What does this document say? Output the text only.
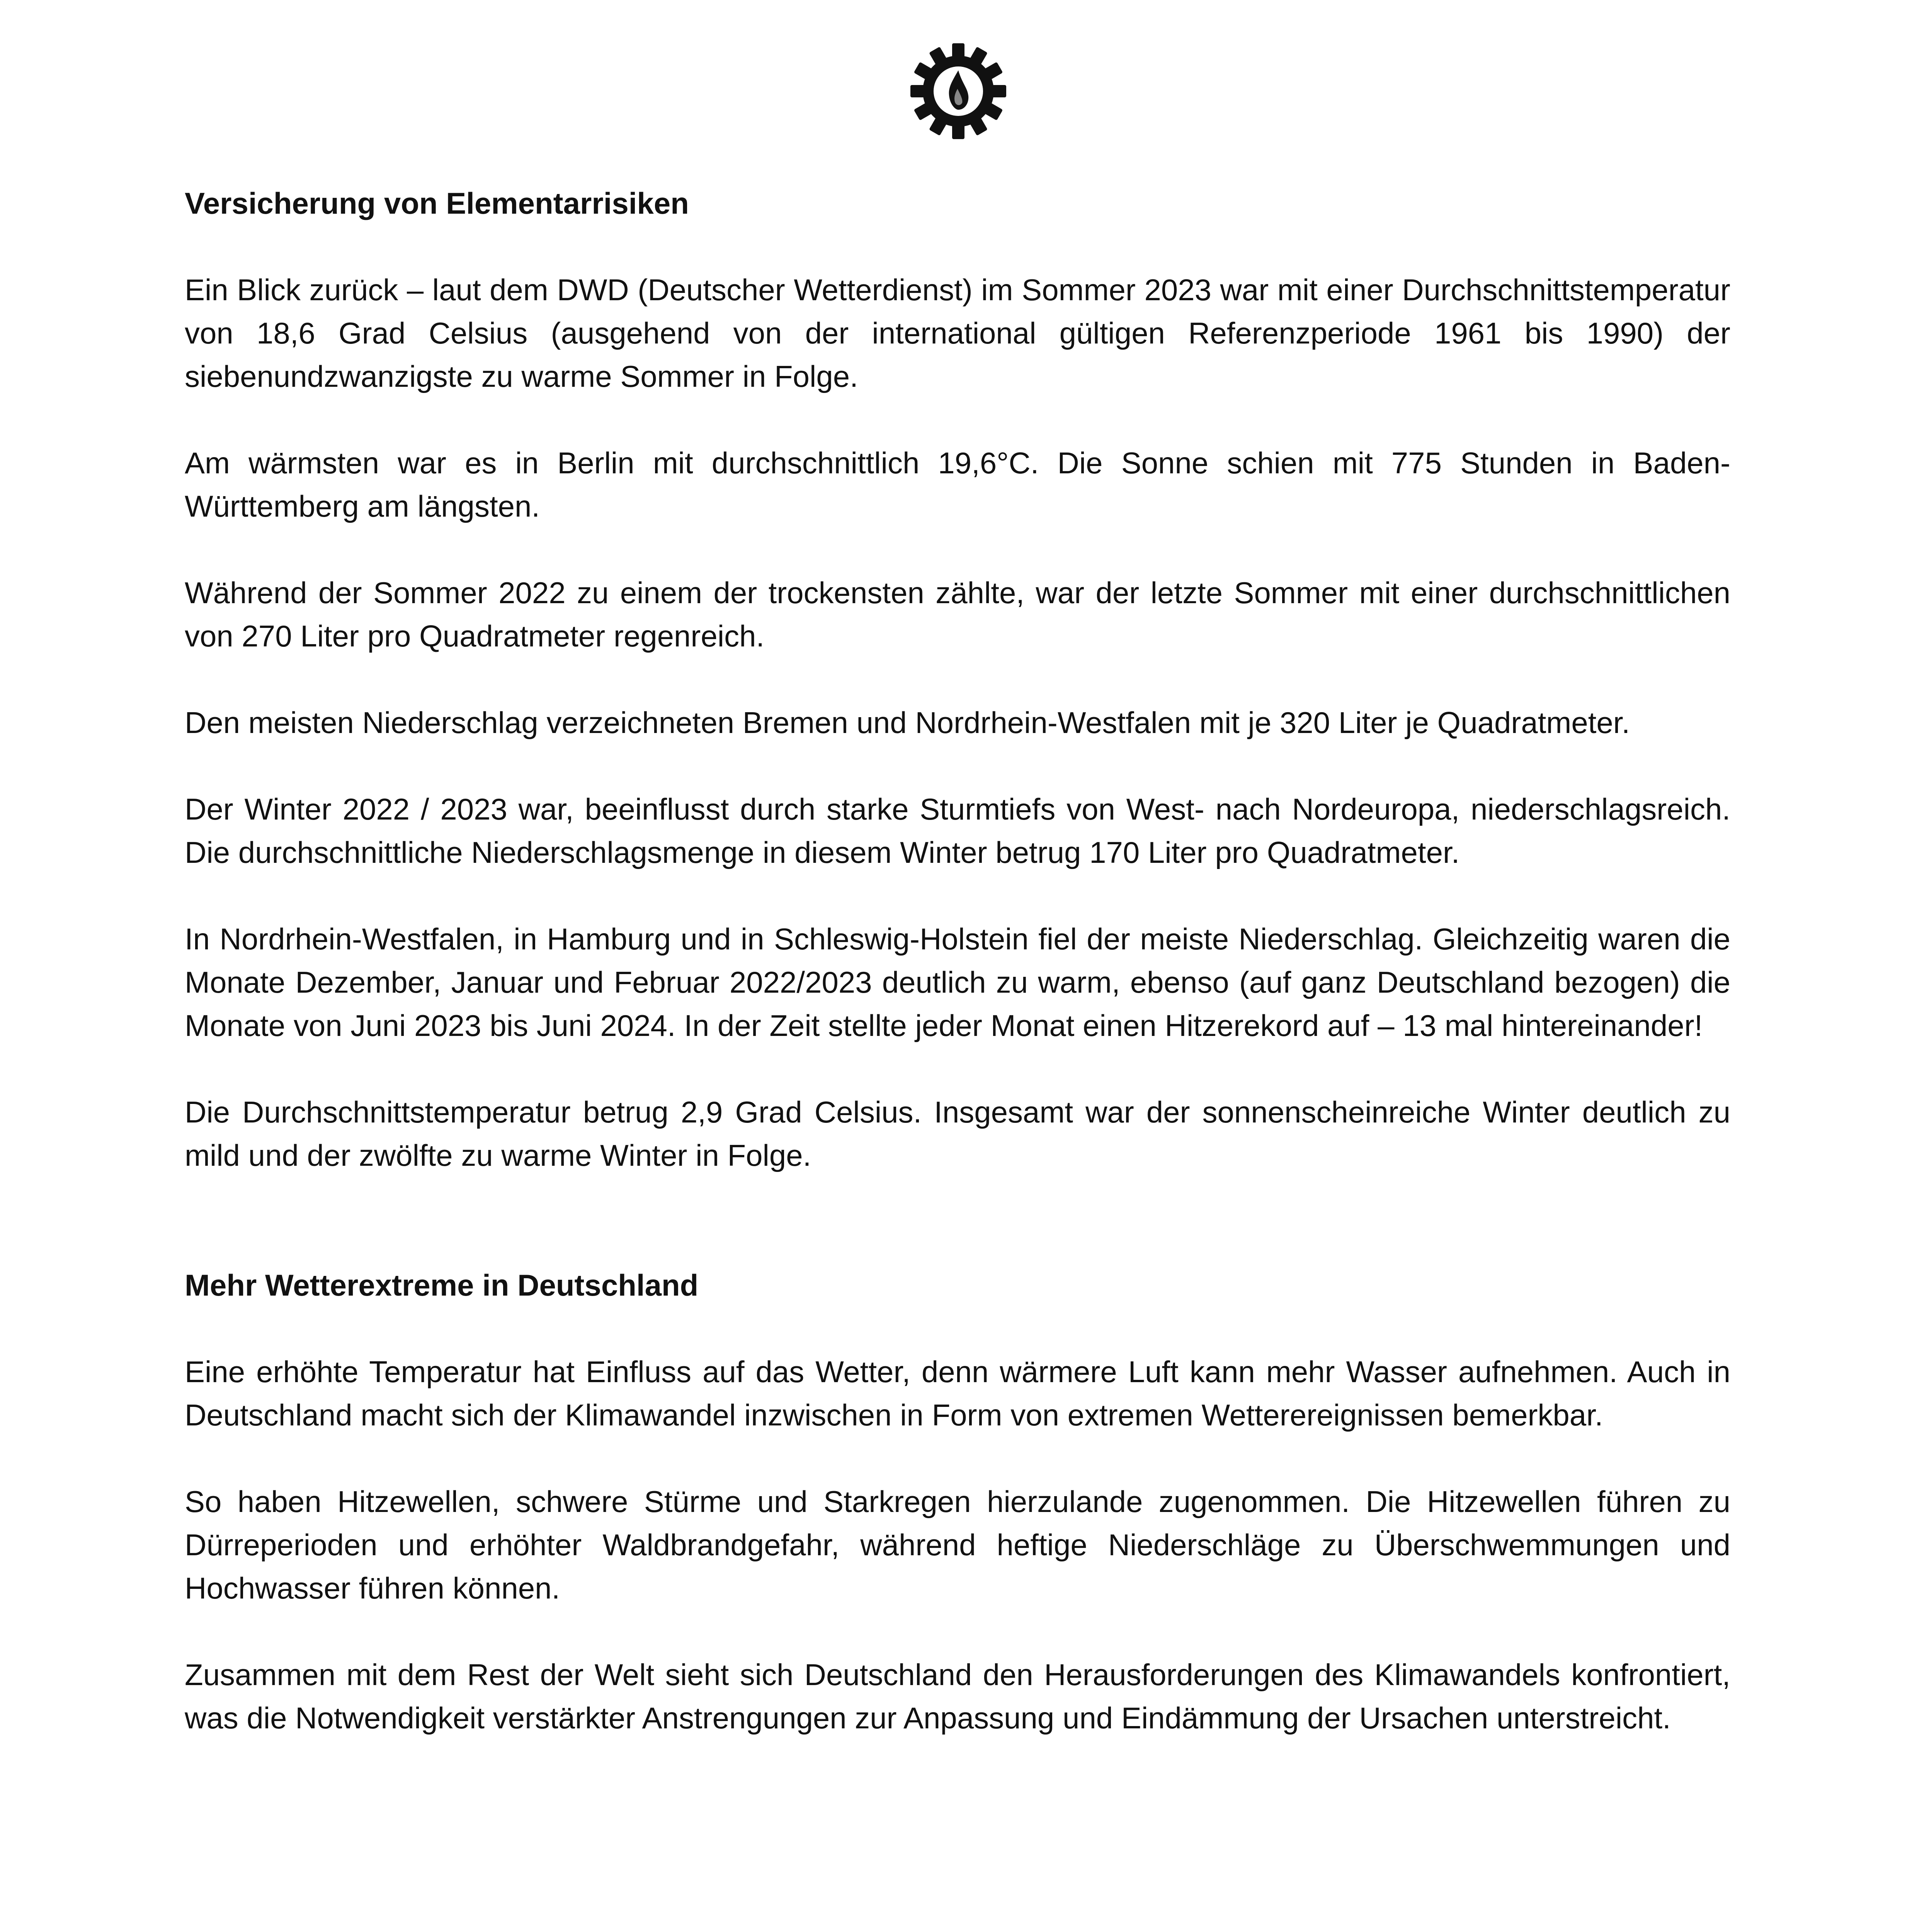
Versicherung von Elementarrisiken

Ein Blick zurück – laut dem DWD (Deutscher Wetterdienst) im Sommer 2023 war mit einer Durchschnittstemperatur von 18,6 Grad Celsius (ausgehend von der international gültigen Referenzperiode 1961 bis 1990) der siebenundzwanzigste zu warme Sommer in Folge.

Am wärmsten war es in Berlin mit durchschnittlich 19,6°C. Die Sonne schien mit 775 Stunden in Baden-Württemberg am längsten.

Während der Sommer 2022 zu einem der trockensten zählte, war der letzte Sommer mit einer durchschnittlichen von 270 Liter pro Quadratmeter regenreich.

Den meisten Niederschlag verzeichneten Bremen und Nordrhein-Westfalen mit je 320 Liter je Quadratmeter.

Der Winter 2022 / 2023 war, beeinflusst durch starke Sturmtiefs von West- nach Nordeuropa, niederschlagsreich. Die durchschnittliche Niederschlagsmenge in diesem Winter betrug 170 Liter pro Quadratmeter.

In Nordrhein-Westfalen, in Hamburg und in Schleswig-Holstein fiel der meiste Niederschlag. Gleichzeitig waren die Monate Dezember, Januar und Februar 2022/2023 deutlich zu warm, ebenso (auf ganz Deutschland bezogen) die Monate von Juni 2023 bis Juni 2024. In der Zeit stellte jeder Monat einen Hitzerekord auf – 13 mal hintereinander!

Die Durchschnittstemperatur betrug 2,9 Grad Celsius. Insgesamt war der sonnenscheinreiche Winter deutlich zu mild und der zwölfte zu warme Winter in Folge.

Mehr Wetterextreme in Deutschland

Eine erhöhte Temperatur hat Einfluss auf das Wetter, denn wärmere Luft kann mehr Wasser aufnehmen. Auch in Deutschland macht sich der Klimawandel inzwischen in Form von extremen Wetterereignissen bemerkbar.

So haben Hitzewellen, schwere Stürme und Starkregen hierzulande zugenommen. Die Hitzewellen führen zu Dürreperioden und erhöhter Waldbrandgefahr, während heftige Niederschläge zu Überschwemmungen und Hochwasser führen können.

Zusammen mit dem Rest der Welt sieht sich Deutschland den Herausforderungen des Klimawandels konfrontiert, was die Notwendigkeit verstärkter Anstrengungen zur Anpassung und Eindämmung der Ursachen unterstreicht.
